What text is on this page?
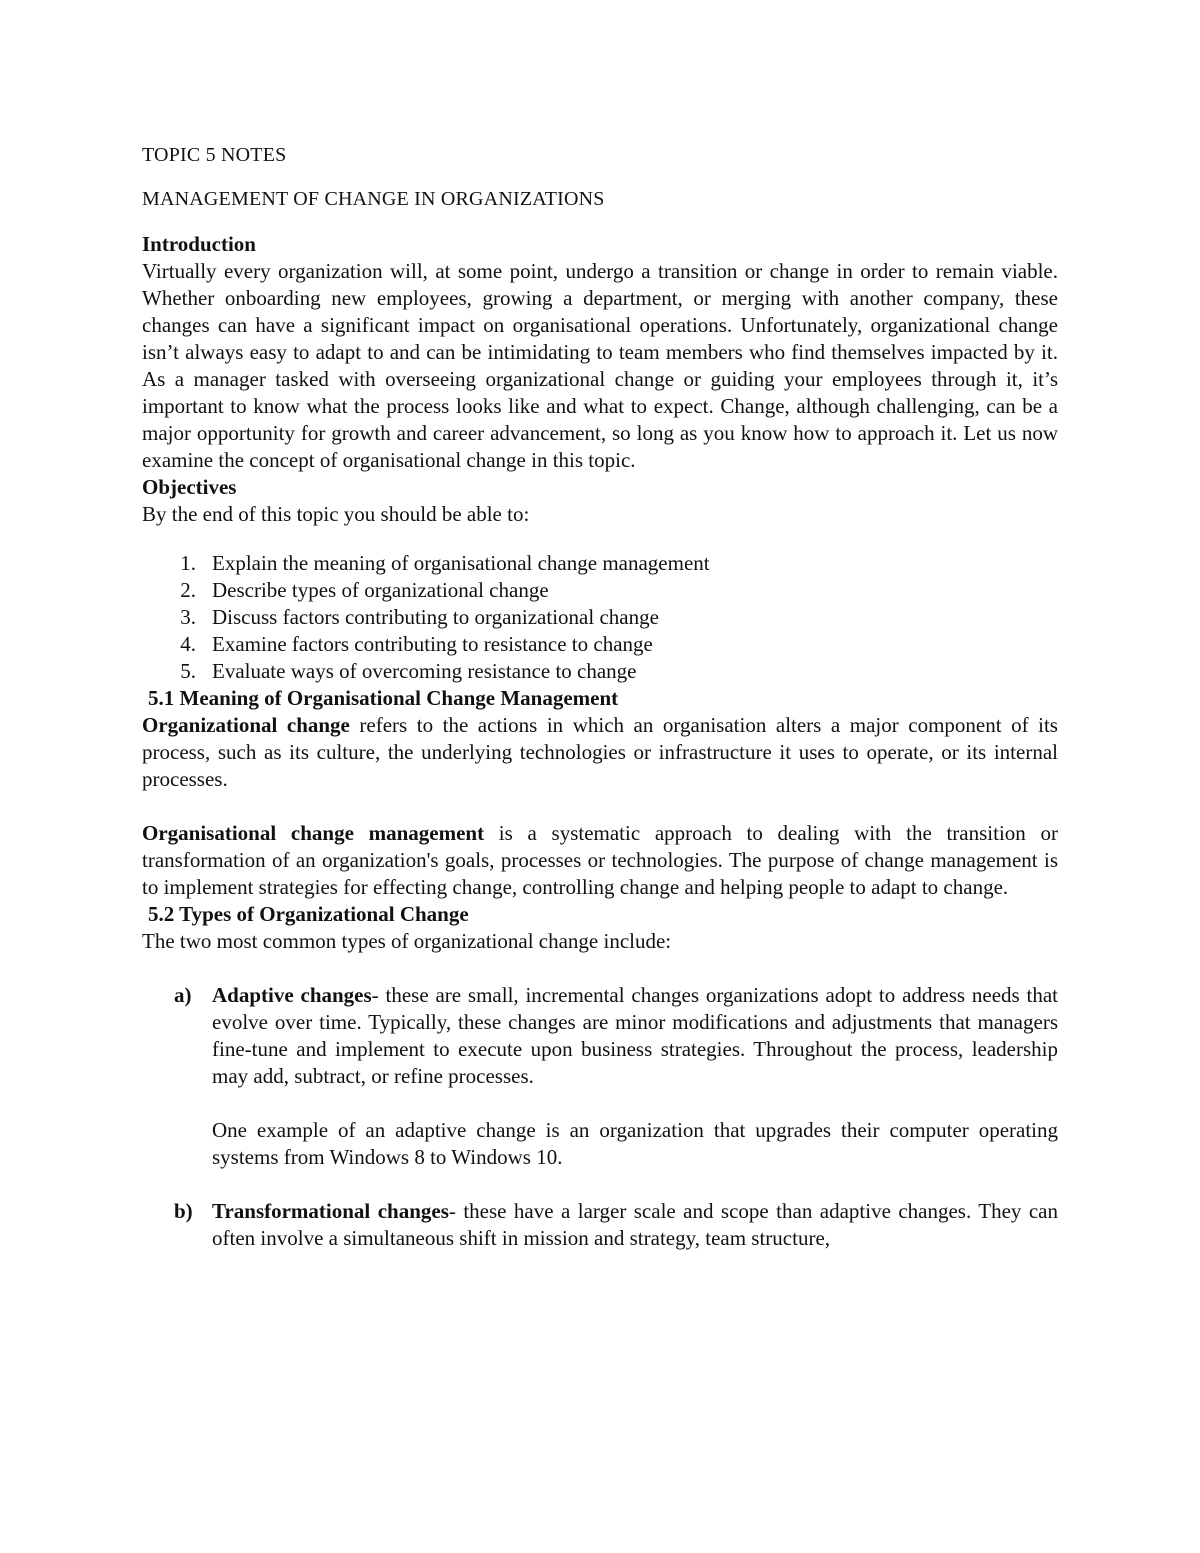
TOPIC 5 NOTES

MANAGEMENT OF CHANGE IN ORGANIZATIONS

Introduction

Virtually every organization will, at some point, undergo a transition or change in order to remain viable. Whether onboarding new employees, growing a department, or merging with another company, these changes can have a significant impact on organisational operations. Unfortunately, organizational change isn’t always easy to adapt to and can be intimidating to team members who find themselves impacted by it. As a manager tasked with overseeing organizational change or guiding your employees through it, it’s important to know what the process looks like and what to expect. Change, although challenging, can be a major opportunity for growth and career advancement, so long as you know how to approach it. Let us now examine the concept of organisational change in this topic.

Objectives

By the end of this topic you should be able to:

1. Explain the meaning of organisational change management
2. Describe types of organizational change
3. Discuss factors contributing to organizational change
4. Examine factors contributing to resistance to change
5. Evaluate ways of overcoming resistance to change
5.1 Meaning of Organisational Change Management

Organizational change refers to the actions in which an organisation alters a major component of its process, such as its culture, the underlying technologies or infrastructure it uses to operate, or its internal processes.

Organisational change management is a systematic approach to dealing with the transition or transformation of an organization's goals, processes or technologies. The purpose of change management is to implement strategies for effecting change, controlling change and helping people to adapt to change.

5.2 Types of Organizational Change

The two most common types of organizational change include:

a) Adaptive changes- these are small, incremental changes organizations adopt to address needs that evolve over time. Typically, these changes are minor modifications and adjustments that managers fine-tune and implement to execute upon business strategies. Throughout the process, leadership may add, subtract, or refine processes.

One example of an adaptive change is an organization that upgrades their computer operating systems from Windows 8 to Windows 10.

b) Transformational changes- these have a larger scale and scope than adaptive changes. They can often involve a simultaneous shift in mission and strategy, team structure,
